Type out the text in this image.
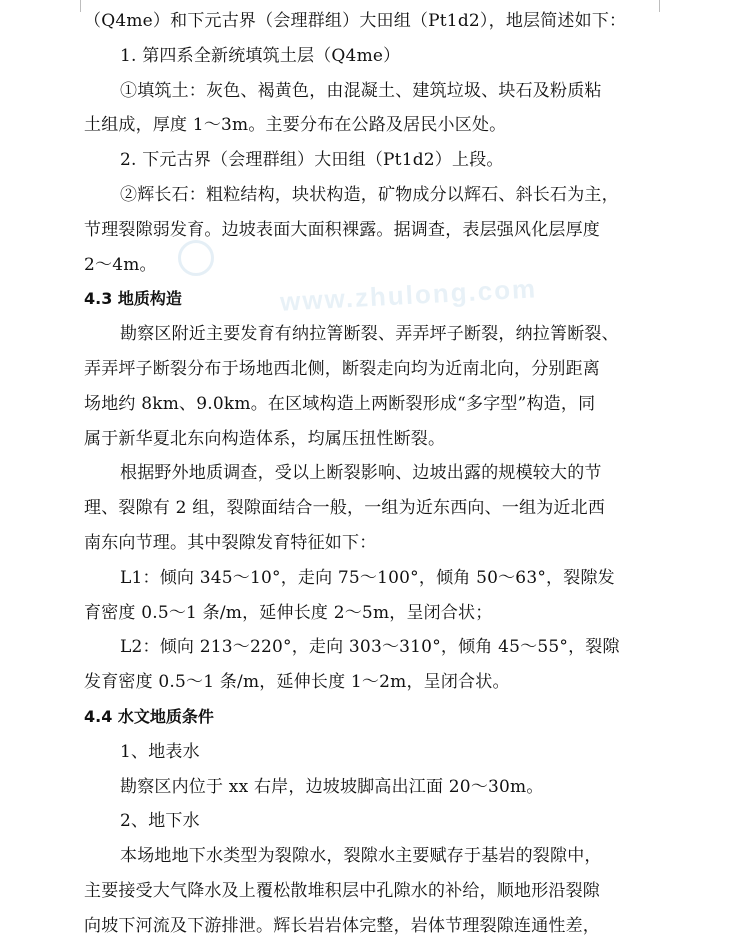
www.zhulong.com
（Q4me）和下元古界（会理群组）大田组（Pt1d2），地层简述如下：
1. 第四系全新统填筑土层（Q4me）
①填筑土：灰色、褐黄色，由混凝土、建筑垃圾、块石及粉质粘
土组成，厚度 1～3m。主要分布在公路及居民小区处。
2. 下元古界（会理群组）大田组（Pt1d2）上段。
②辉长石：粗粒结构，块状构造，矿物成分以辉石、斜长石为主，
节理裂隙弱发育。边坡表面大面积裸露。据调查，表层强风化层厚度
2～4m。
4.3 地质构造
勘察区附近主要发育有纳拉箐断裂、弄弄坪子断裂，纳拉箐断裂、
弄弄坪子断裂分布于场地西北侧，断裂走向均为近南北向，分别距离
场地约 8km、9.0km。在区域构造上两断裂形成“多字型”构造，同
属于新华夏北东向构造体系，均属压扭性断裂。
根据野外地质调查，受以上断裂影响、边坡出露的规模较大的节
理、裂隙有 2 组，裂隙面结合一般，一组为近东西向、一组为近北西
南东向节理。其中裂隙发育特征如下：
L1：倾向 345～10°，走向 75～100°，倾角 50～63°，裂隙发
育密度 0.5～1 条/m，延伸长度 2～5m，呈闭合状；
L2：倾向 213～220°，走向 303～310°，倾角 45～55°，裂隙
发育密度 0.5～1 条/m，延伸长度 1～2m，呈闭合状。
4.4 水文地质条件
1、地表水
勘察区内位于 xx 右岸，边坡坡脚高出江面 20～30m。
2、地下水
本场地地下水类型为裂隙水，裂隙水主要赋存于基岩的裂隙中，
主要接受大气降水及上覆松散堆积层中孔隙水的补给，顺地形沿裂隙
向坡下河流及下游排泄。辉长岩岩体完整，岩体节理裂隙连通性差，
